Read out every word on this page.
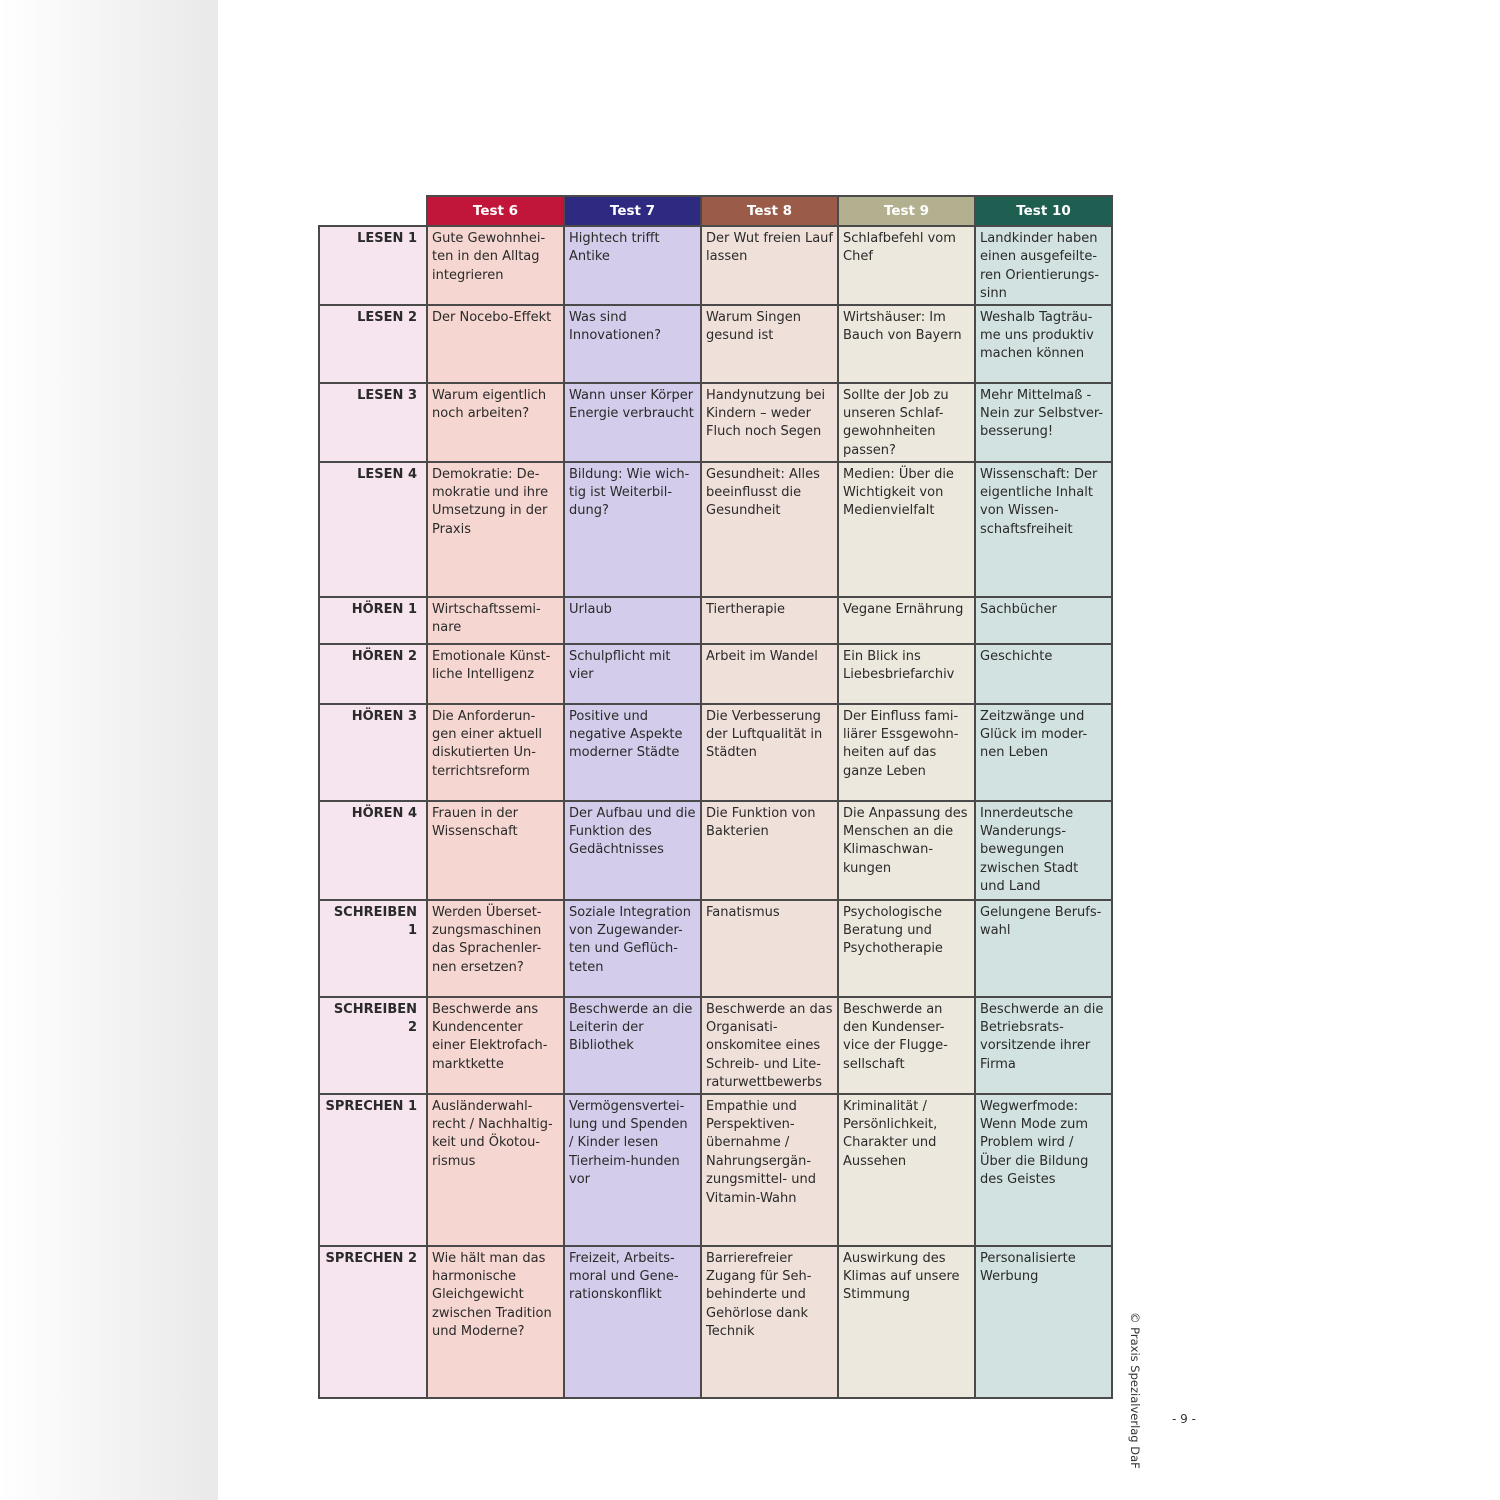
	Test 6	Test 7	Test 8	Test 9	Test 10
LESEN 1	Gute Gewohnhei-ten in den Alltag integrieren	Hightech trifft Antike	Der Wut freien Lauf lassen	Schlafbefehl vom Chef	Landkinder haben einen ausgefeilte-ren Orientierungs-sinn
LESEN 2	Der Nocebo-Effekt	Was sind Innovationen?	Warum Singen gesund ist	Wirtshäuser: Im Bauch von Bayern	Weshalb Tagträu-me uns produktiv machen können
LESEN 3	Warum eigentlich noch arbeiten?	Wann unser Körper Energie verbraucht	Handynutzung bei Kindern – weder Fluch noch Segen	Sollte der Job zu unseren Schlaf-gewohnheiten passen?	Mehr Mittelmaß - Nein zur Selbstver-besserung!
LESEN 4	Demokratie: De-mokratie und ihre Umsetzung in der Praxis	Bildung: Wie wich-tig ist Weiterbil-dung?	Gesundheit: Alles beeinflusst die Gesundheit	Medien: Über die Wichtigkeit von Medienvielfalt	Wissenschaft: Der eigentliche Inhalt von Wissen-schaftsfreiheit
HÖREN 1	Wirtschaftssemi-nare	Urlaub	Tiertherapie	Vegane Ernährung	Sachbücher
HÖREN 2	Emotionale Künst-liche Intelligenz	Schulpflicht mit vier	Arbeit im Wandel	Ein Blick ins Liebesbriefarchiv	Geschichte
HÖREN 3	Die Anforderun-gen einer aktuell diskutierten Un-terrichtsreform	Positive und negative Aspekte moderner Städte	Die Verbesserung der Luftqualität in Städten	Der Einfluss fami-liärer Essgewohn-heiten auf das ganze Leben	Zeitzwänge und Glück im moder-nen Leben
HÖREN 4	Frauen in der Wissenschaft	Der Aufbau und die Funktion des Gedächtnisses	Die Funktion von Bakterien	Die Anpassung des Menschen an die Klimaschwan-kungen	Innerdeutsche Wanderungs-bewegungen zwischen Stadt und Land
SCHREIBEN 1	Werden Überset-zungsmaschinen das Sprachenler-nen ersetzen?	Soziale Integration von Zugewander-ten und Geflüch-teten	Fanatismus	Psychologische Beratung und Psychotherapie	Gelungene Berufs-wahl
SCHREIBEN 2	Beschwerde ans Kundencenter einer Elektrofach-marktkette	Beschwerde an die Leiterin der Bibliothek	Beschwerde an das Organisati-onskomitee eines Schreib- und Lite-raturwettbewerbs	Beschwerde an den Kundenser-vice der Flugge-sellschaft	Beschwerde an die Betriebsrats-vorsitzende ihrer Firma
SPRECHEN 1	Ausländerwahl-recht / Nachhaltig-keit und Ökotou-rismus	Vermögensvertei-lung und Spenden / Kinder lesen Tierheim-hunden vor	Empathie und Perspektiven-übernahme / Nahrungsergän-zungsmittel- und Vitamin-Wahn	Kriminalität / Persönlichkeit, Charakter und Aussehen	Wegwerfmode: Wenn Mode zum Problem wird / Über die Bildung des Geistes
SPRECHEN 2	Wie hält man das harmonische Gleichgewicht zwischen Tradition und Moderne?	Freizeit, Arbeits-moral und Gene-rationskonflikt	Barrierefreier Zugang für Seh-behinderte und Gehörlose dank Technik	Auswirkung des Klimas auf unsere Stimmung	Personalisierte Werbung
© Praxis Spezialverlag DaF	- 9 -
